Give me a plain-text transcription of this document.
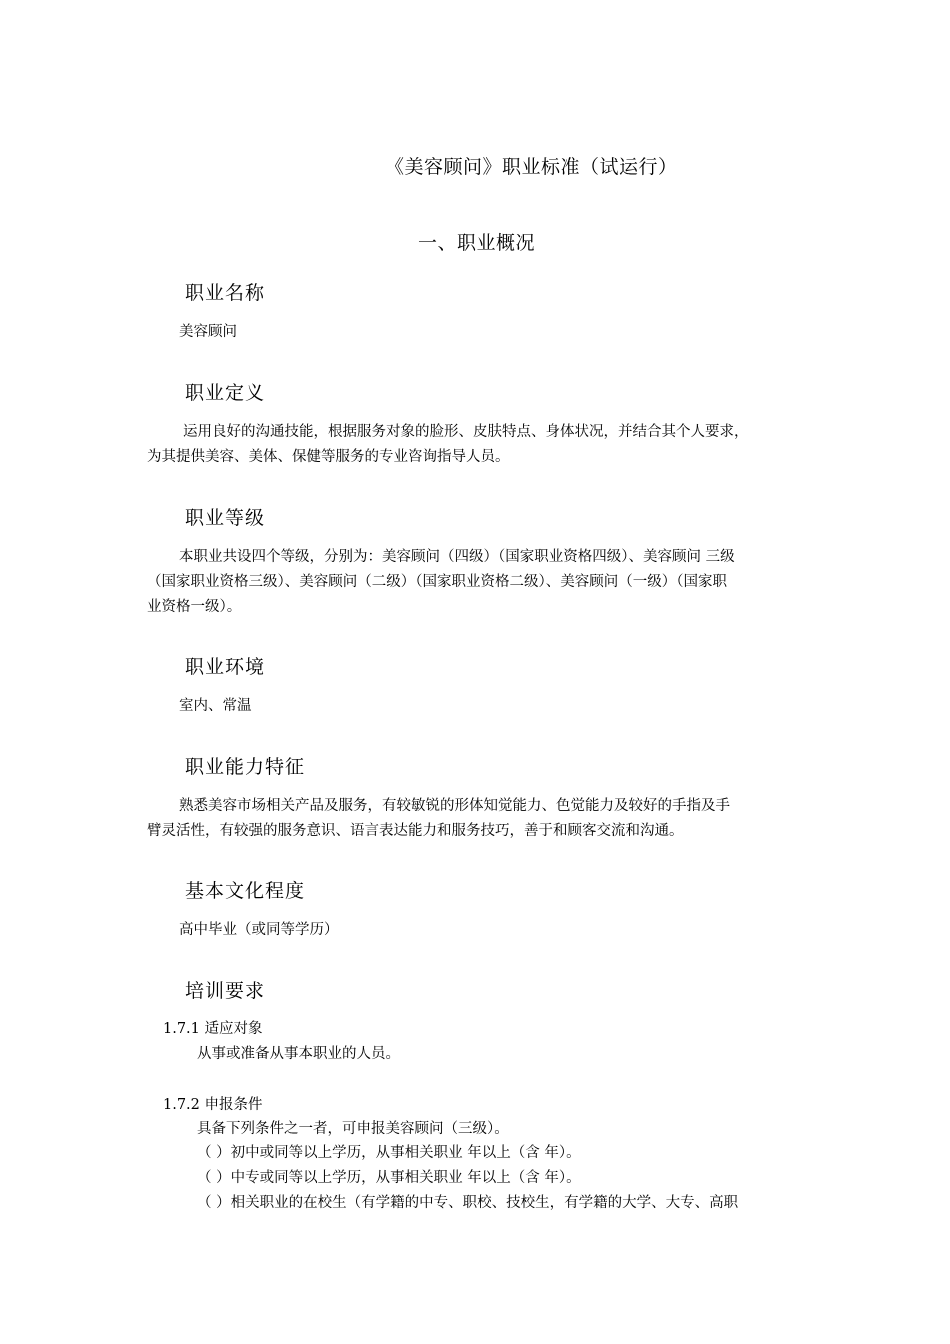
《美容顾问》职业标准（试运行）
一、职业概况
职业名称
美容顾问
职业定义
运用良好的沟通技能，根据服务对象的脸形、皮肤特点、身体状况，并结合其个人要求，
为其提供美容、美体、保健等服务的专业咨询指导人员。
职业等级
本职业共设四个等级，分别为：美容顾问（四级）（国家职业资格四级）、美容顾问 三级
（国家职业资格三级）、美容顾问（二级）（国家职业资格二级）、美容顾问（一级）（国家职
业资格一级）。
职业环境
室内、常温
职业能力特征
熟悉美容市场相关产品及服务，有较敏锐的形体知觉能力、色觉能力及较好的手指及手
臂灵活性，有较强的服务意识、语言表达能力和服务技巧，善于和顾客交流和沟通。
基本文化程度
高中毕业（或同等学历）
培训要求
1.7.1 适应对象
从事或准备从事本职业的人员。
1.7.2 申报条件
具备下列条件之一者，可申报美容顾问（三级）。
（ ）初中或同等以上学历，从事相关职业 年以上（含 年）。
（ ）中专或同等以上学历，从事相关职业 年以上（含 年）。
（ ）相关职业的在校生（有学籍的中专、职校、技校生，有学籍的大学、大专、高职
